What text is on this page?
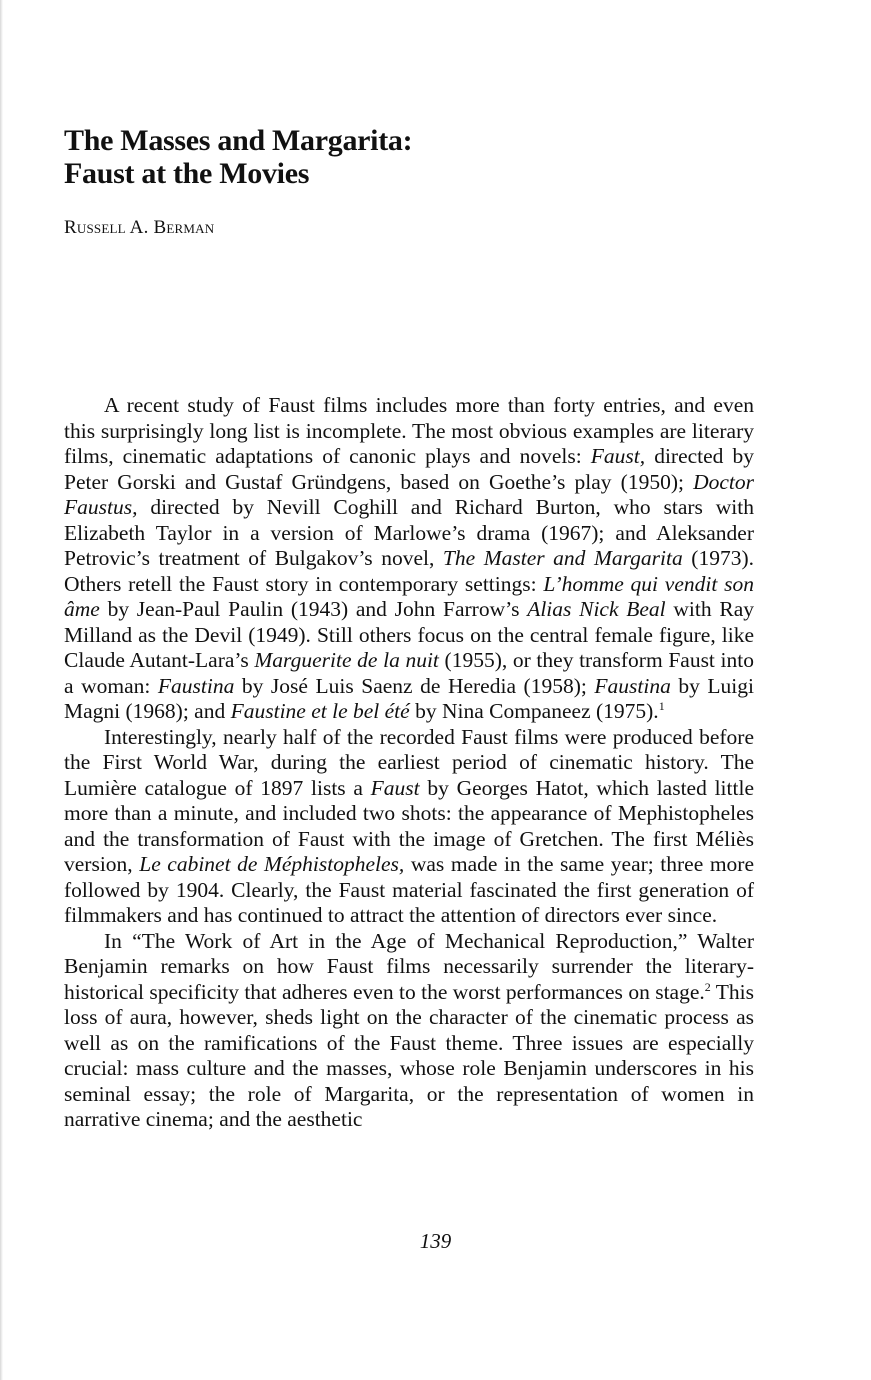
The Masses and Margarita:
Faust at the Movies
Russell A. Berman

A recent study of Faust films includes more than forty entries, and even this surprisingly long list is incomplete. The most obvious examples are literary films, cinematic adaptations of canonic plays and novels: Faust, directed by Peter Gorski and Gustaf Gründgens, based on Goethe’s play (1950); Doctor Faustus, directed by Nevill Coghill and Richard Burton, who stars with Elizabeth Taylor in a version of Marlowe’s drama (1967); and Aleksander Petrovic’s treatment of Bulgakov’s novel, The Master and Margarita (1973). Others retell the Faust story in contemporary settings: L’homme qui vendit son âme by Jean-Paul Paulin (1943) and John Farrow’s Alias Nick Beal with Ray Milland as the Devil (1949). Still others focus on the central female figure, like Claude Autant-Lara’s Marguerite de la nuit (1955), or they transform Faust into a woman: Faustina by José Luis Saenz de Heredia (1958); Faustina by Luigi Magni (1968); and Faustine et le bel été by Nina Companeez (1975).$^1$

Interestingly, nearly half of the recorded Faust films were produced before the First World War, during the earliest period of cinematic history. The Lumière catalogue of 1897 lists a Faust by Georges Hatot, which lasted little more than a minute, and included two shots: the appearance of Mephistopheles and the transformation of Faust with the image of Gretchen. The first Méliès version, Le cabinet de Méphistopheles, was made in the same year; three more followed by 1904. Clearly, the Faust material fascinated the first generation of filmmakers and has continued to attract the attention of directors ever since.

In “The Work of Art in the Age of Mechanical Reproduction,” Walter Benjamin remarks on how Faust films necessarily surrender the literary-historical specificity that adheres even to the worst performances on stage.$^2$ This loss of aura, however, sheds light on the character of the cinematic process as well as on the ramifications of the Faust theme. Three issues are especially crucial: mass culture and the masses, whose role Benjamin underscores in his seminal essay; the role of Margarita, or the representation of women in narrative cinema; and the aesthetic

139
